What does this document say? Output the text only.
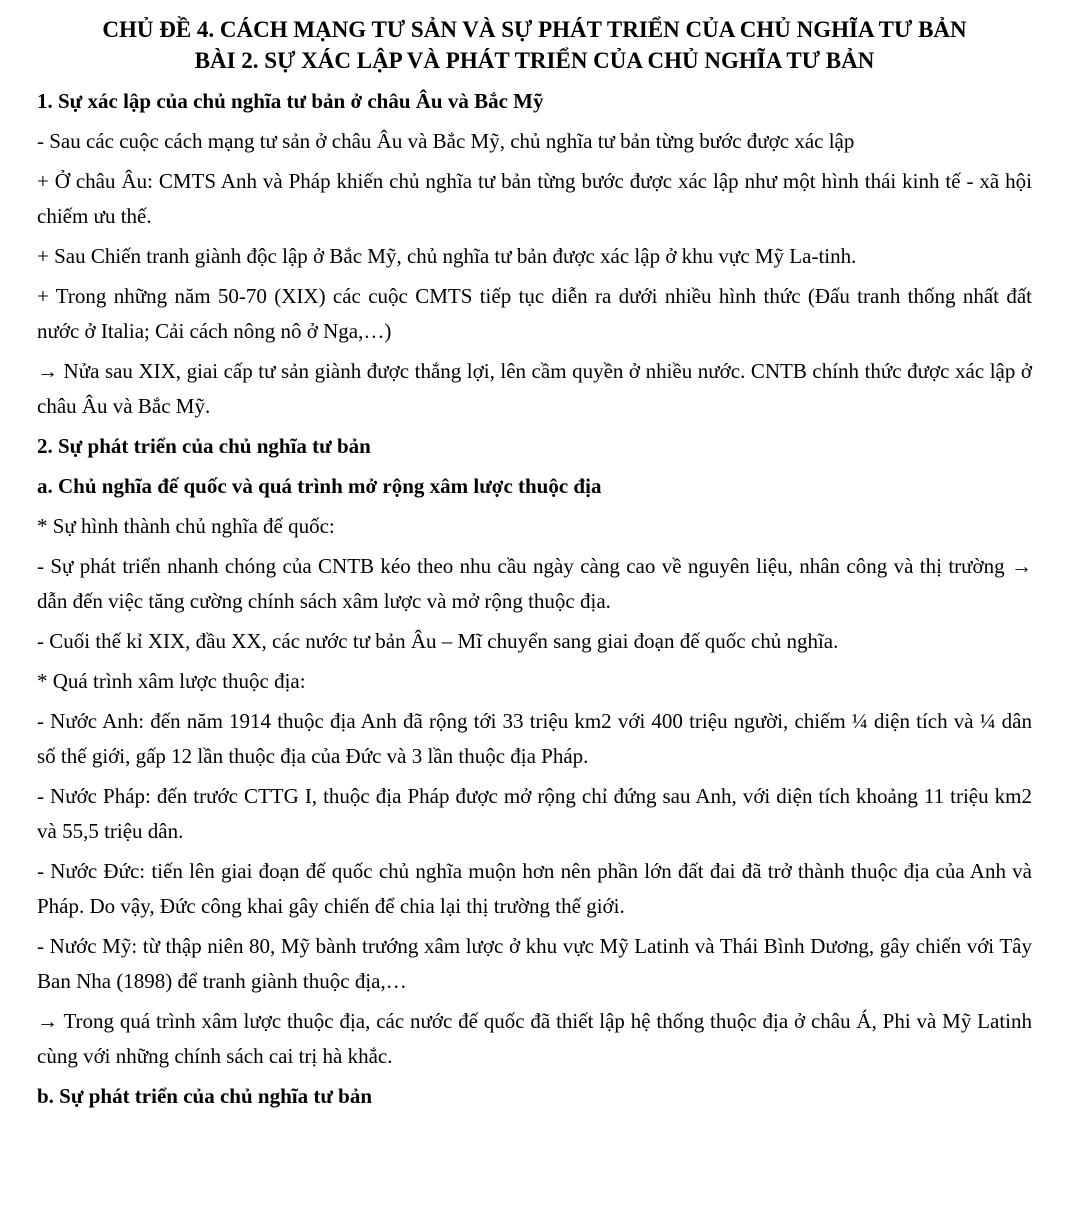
CHỦ ĐỀ 4. CÁCH MẠNG TƯ SẢN VÀ SỰ PHÁT TRIỂN CỦA CHỦ NGHĨA TƯ BẢN
BÀI 2. SỰ XÁC LẬP VÀ PHÁT TRIỂN CỦA CHỦ NGHĨA TƯ BẢN

1. Sự xác lập của chủ nghĩa tư bản ở châu Âu và Bắc Mỹ

- Sau các cuộc cách mạng tư sản ở châu Âu và Bắc Mỹ, chủ nghĩa tư bản từng bước được xác lập

+ Ở châu Âu: CMTS Anh và Pháp khiến chủ nghĩa tư bản từng bước được xác lập như một hình thái kinh tế - xã hội chiếm ưu thế.

+ Sau Chiến tranh giành độc lập ở Bắc Mỹ, chủ nghĩa tư bản được xác lập ở khu vực Mỹ La-tinh.

+ Trong những năm 50-70 (XIX) các cuộc CMTS tiếp tục diễn ra dưới nhiều hình thức (Đấu tranh thống nhất đất nước ở Italia; Cải cách nông nô ở Nga,…)

→ Nửa sau XIX, giai cấp tư sản giành được thắng lợi, lên cầm quyền ở nhiều nước. CNTB chính thức được xác lập ở châu Âu và Bắc Mỹ.

2. Sự phát triển của chủ nghĩa tư bản

a. Chủ nghĩa đế quốc và quá trình mở rộng xâm lược thuộc địa

* Sự hình thành chủ nghĩa đế quốc:

- Sự phát triển nhanh chóng của CNTB kéo theo nhu cầu ngày càng cao về nguyên liệu, nhân công và thị trường → dẫn đến việc tăng cường chính sách xâm lược và mở rộng thuộc địa.

- Cuối thế kỉ XIX, đầu XX, các nước tư bản Âu – Mĩ chuyển sang giai đoạn đế quốc chủ nghĩa.

* Quá trình xâm lược thuộc địa:

- Nước Anh: đến năm 1914 thuộc địa Anh đã rộng tới 33 triệu km2 với 400 triệu người, chiếm ¼ diện tích và ¼ dân số thế giới, gấp 12 lần thuộc địa của Đức và 3 lần thuộc địa Pháp.

- Nước Pháp: đến trước CTTG I, thuộc địa Pháp được mở rộng chỉ đứng sau Anh, với diện tích khoảng 11 triệu km2 và 55,5 triệu dân.

- Nước Đức: tiến lên giai đoạn đế quốc chủ nghĩa muộn hơn nên phần lớn đất đai đã trở thành thuộc địa của Anh và Pháp. Do vậy, Đức công khai gây chiến để chia lại thị trường thế giới.

- Nước Mỹ: từ thập niên 80, Mỹ bành trướng xâm lược ở khu vực Mỹ Latinh và Thái Bình Dương, gây chiến với Tây Ban Nha (1898) để tranh giành thuộc địa,…

→ Trong quá trình xâm lược thuộc địa, các nước đế quốc đã thiết lập hệ thống thuộc địa ở châu Á, Phi và Mỹ Latinh cùng với những chính sách cai trị hà khắc.

b. Sự phát triển của chủ nghĩa tư bản
